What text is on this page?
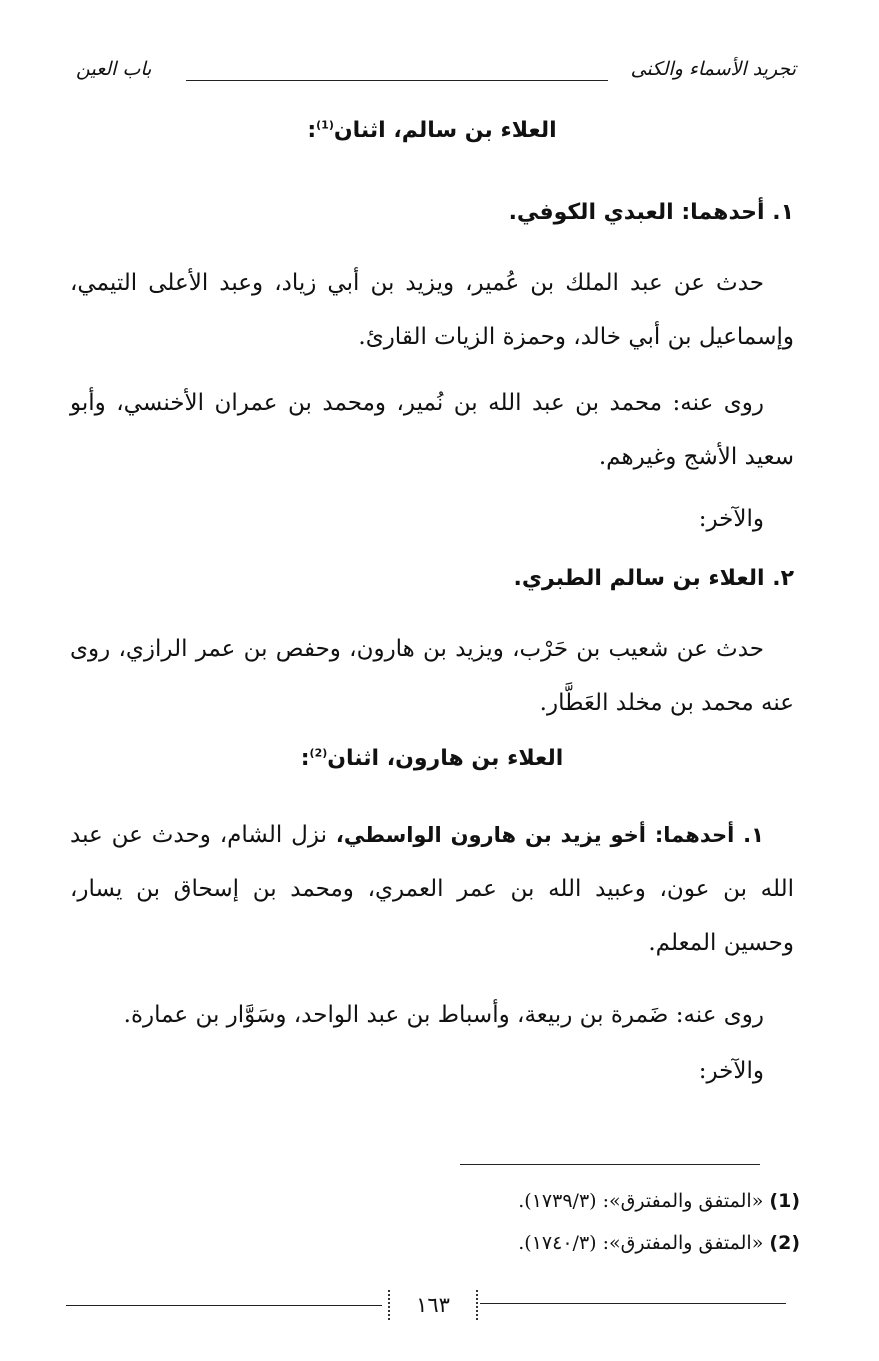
تجريد الأسماء والكنى
باب العين
العلاء بن سالم، اثنان$^{(1)}$:
١. أحدهما: العبدي الكوفي.
حدث عن عبد الملك بن عُمير، ويزيد بن أبي زياد، وعبد الأعلى التيمي، وإسماعيل بن أبي خالد، وحمزة الزيات القارئ.
روى عنه: محمد بن عبد الله بن نُمير، ومحمد بن عمران الأخنسي، وأبو سعيد الأشج وغيرهم.
والآخر:
٢. العلاء بن سالم الطبري.
حدث عن شعيب بن حَرْب، ويزيد بن هارون، وحفص بن عمر الرازي، روى عنه محمد بن مخلد العَطَّار.
العلاء بن هارون، اثنان$^{(2)}$:
١. أحدهما: أخو يزيد بن هارون الواسطي، نزل الشام، وحدث عن عبد الله بن عون، وعبيد الله بن عمر العمري، ومحمد بن إسحاق بن يسار، وحسين المعلم.
روى عنه: ضَمرة بن ربيعة، وأسباط بن عبد الواحد، وسَوَّار بن عمارة.
والآخر:
(1) «المتفق والمفترق»: (١٧٣٩/٣).
(2) «المتفق والمفترق»: (١٧٤٠/٣).
١٦٣
